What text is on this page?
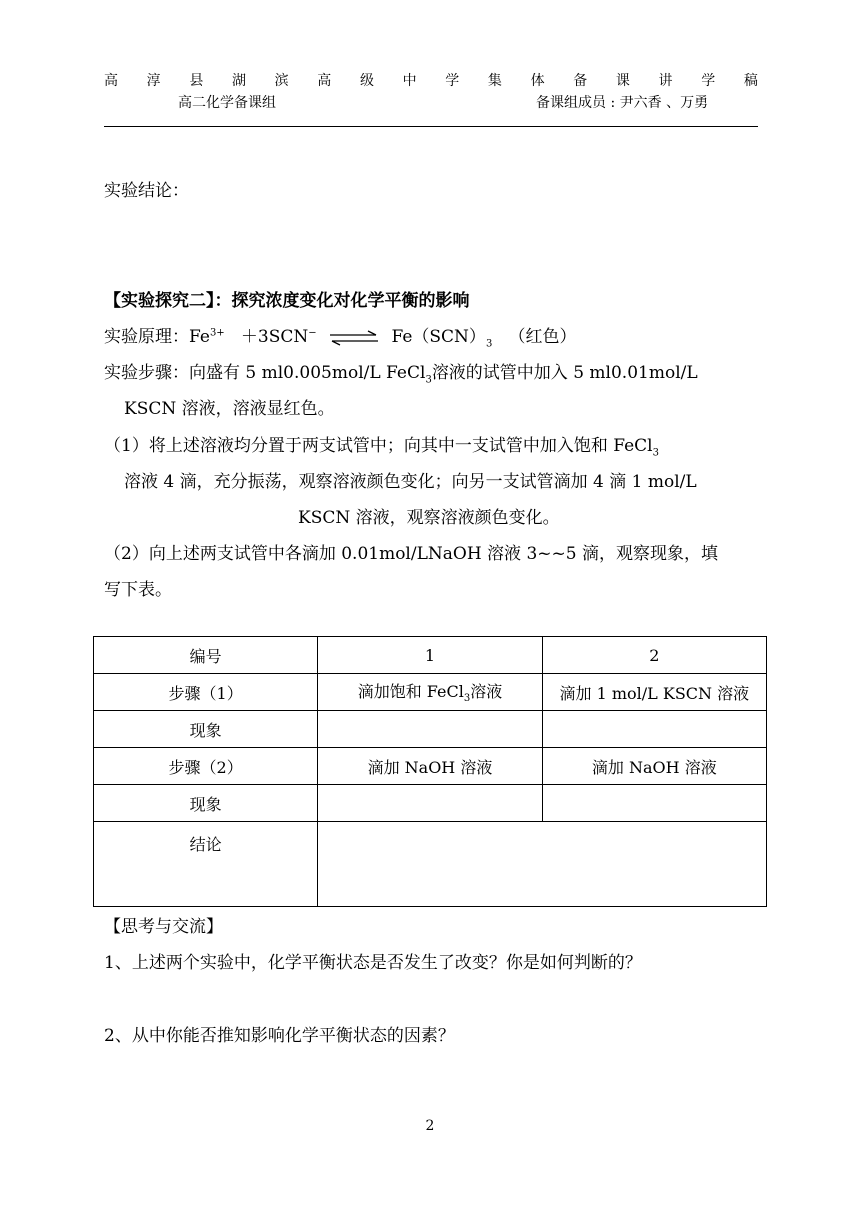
高 淳 县 湖 滨 高 级 中 学 集 体 备 课 讲 学 稿
高二化学备课组	备课组成员 : 尹六香 、万勇
实验结论：
【实验探究二】：探究浓度变化对化学平衡的影响
实验原理：$Fe^{3+} +3SCN^-$ ⇌ $Fe(SCN)_3$ （红色）
实验步骤：向盛有 5 ml0.005mol/L FeCl$_3$溶液的试管中加入 5 ml0.01mol/L
KSCN 溶液，溶液显红色。
（1）将上述溶液均分置于两支试管中；向其中一支试管中加入饱和 FeCl$_3$
溶液 4 滴，充分振荡，观察溶液颜色变化；向另一支试管滴加 4 滴 1 mol/L
KSCN 溶液，观察溶液颜色变化。
（2）向上述两支试管中各滴加 0.01mol/LNaOH 溶液 3~~5 滴，观察现象，填
写下表。
编号	1	2
步骤（1）	滴加饱和 FeCl$_3$溶液	滴加 1 mol/L KSCN 溶液
现象		
步骤（2）	滴加 NaOH 溶液	滴加 NaOH 溶液
现象		
结论		
【思考与交流】
1、上述两个实验中，化学平衡状态是否发生了改变？你是如何判断的？
2、从中你能否推知影响化学平衡状态的因素？
2
